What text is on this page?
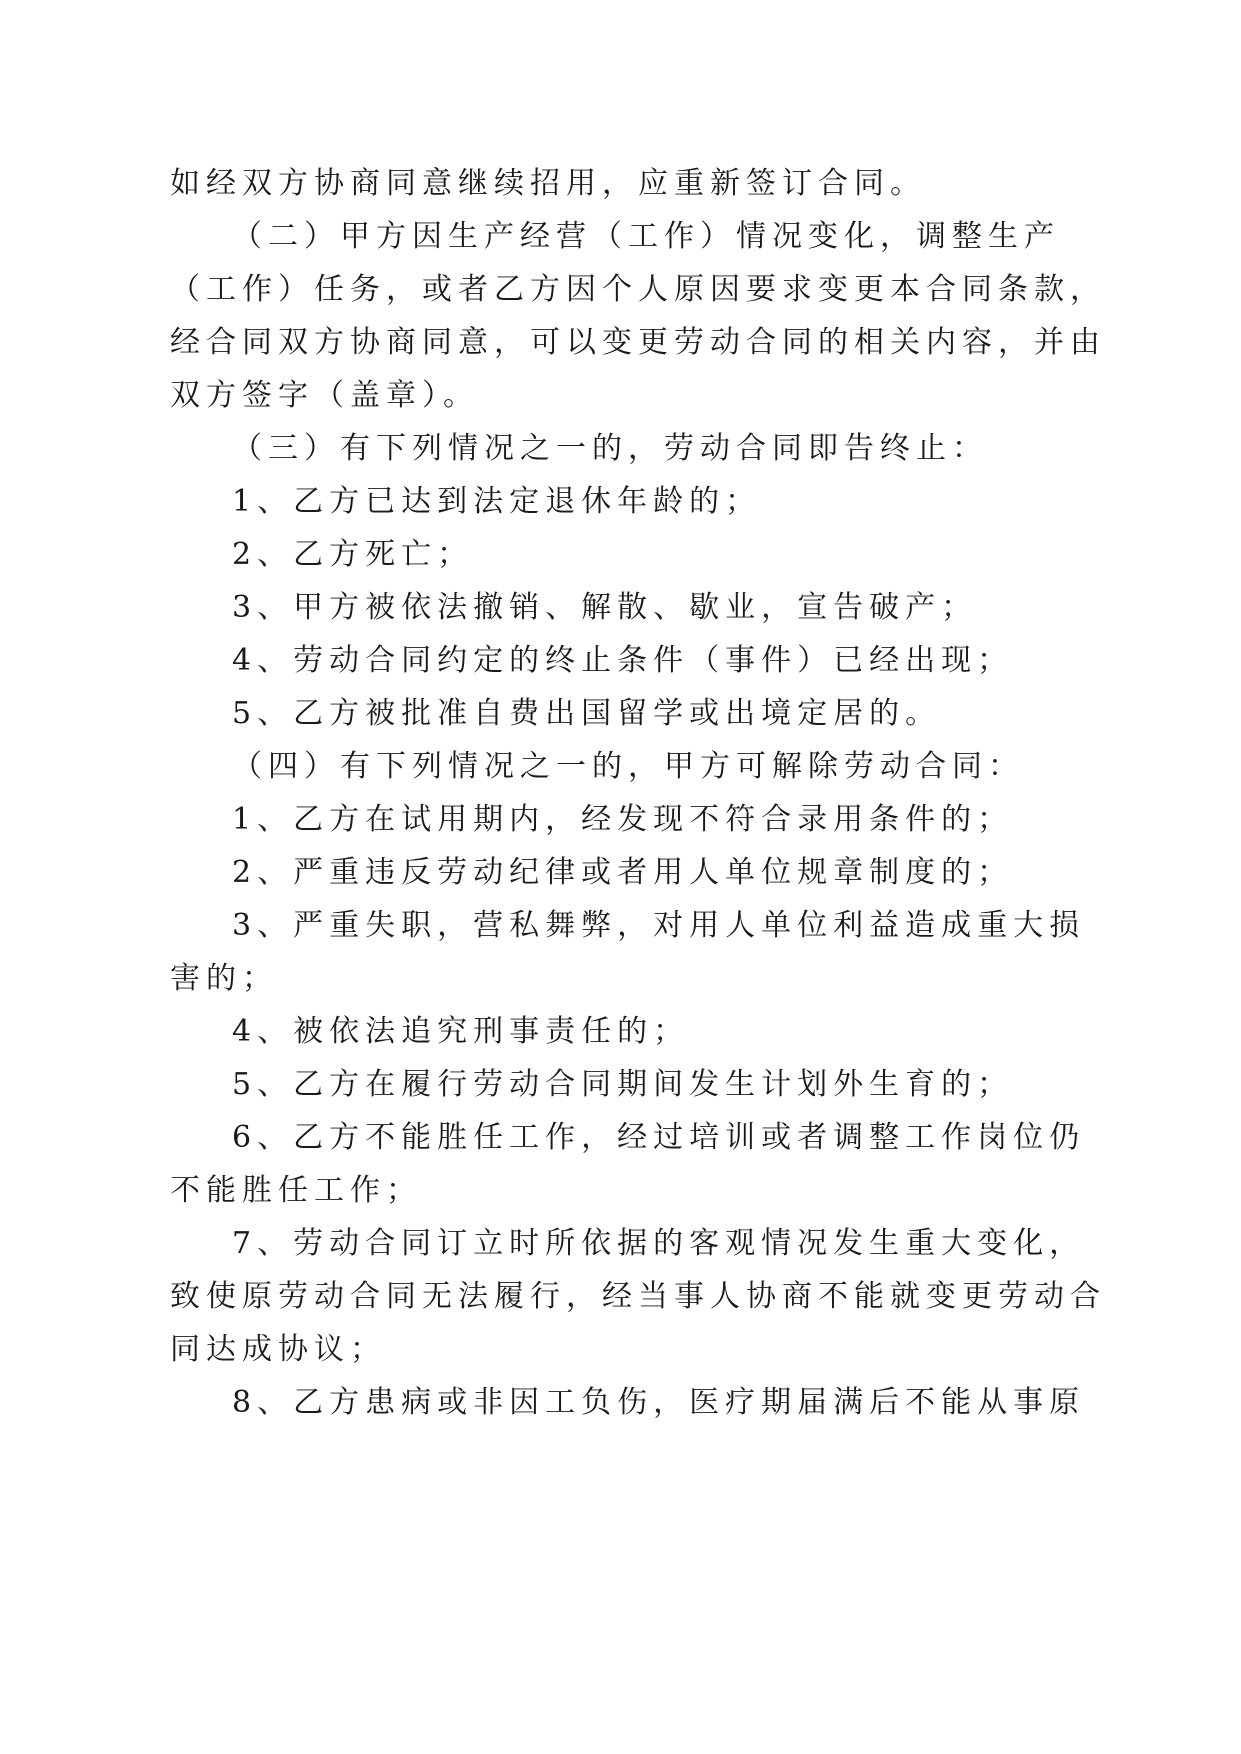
如经双方协商同意继续招用，应重新签订合同。
（二）甲方因生产经营（工作）情况变化，调整生产
（工作）任务，或者乙方因个人原因要求变更本合同条款，
经合同双方协商同意，可以变更劳动合同的相关内容，并由
双方签字（盖章）。
（三）有下列情况之一的，劳动合同即告终止：
1、乙方已达到法定退休年龄的；
2、乙方死亡；
3、甲方被依法撤销、解散、歇业，宣告破产；
4、劳动合同约定的终止条件（事件）已经出现；
5、乙方被批准自费出国留学或出境定居的。
（四）有下列情况之一的，甲方可解除劳动合同：
1、乙方在试用期内，经发现不符合录用条件的；
2、严重违反劳动纪律或者用人单位规章制度的；
3、严重失职，营私舞弊，对用人单位利益造成重大损
害的；
4、被依法追究刑事责任的；
5、乙方在履行劳动合同期间发生计划外生育的；
6、乙方不能胜任工作，经过培训或者调整工作岗位仍
不能胜任工作；
7、劳动合同订立时所依据的客观情况发生重大变化，
致使原劳动合同无法履行，经当事人协商不能就变更劳动合
同达成协议；
8、乙方患病或非因工负伤，医疗期届满后不能从事原
